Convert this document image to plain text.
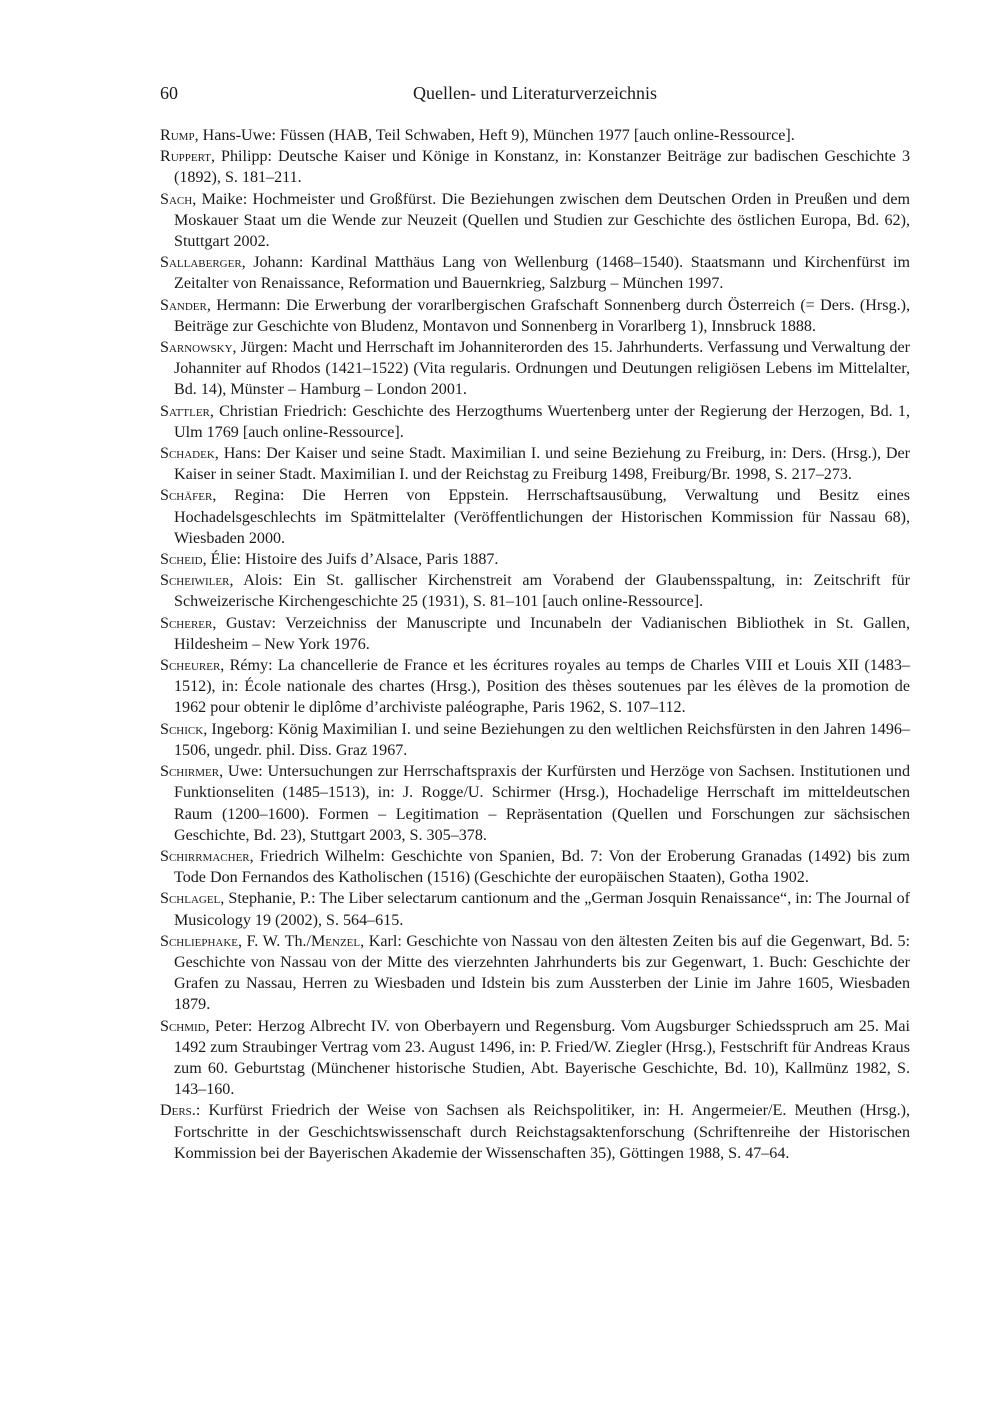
60	Quellen- und Literaturverzeichnis

Rump, Hans-Uwe: Füssen (HAB, Teil Schwaben, Heft 9), München 1977 [auch online-Ressource].

Ruppert, Philipp: Deutsche Kaiser und Könige in Konstanz, in: Konstanzer Beiträge zur badischen Geschichte 3 (1892), S. 181–211.

Sach, Maike: Hochmeister und Großfürst. Die Beziehungen zwischen dem Deutschen Orden in Preußen und dem Moskauer Staat um die Wende zur Neuzeit (Quellen und Studien zur Geschichte des östlichen Europa, Bd. 62), Stuttgart 2002.

Sallaberger, Johann: Kardinal Matthäus Lang von Wellenburg (1468–1540). Staatsmann und Kirchenfürst im Zeitalter von Renaissance, Reformation und Bauernkrieg, Salzburg – München 1997.

Sander, Hermann: Die Erwerbung der vorarlbergischen Grafschaft Sonnenberg durch Österreich (= Ders. (Hrsg.), Beiträge zur Geschichte von Bludenz, Montavon und Sonnenberg in Vorarlberg 1), Innsbruck 1888.

Sarnowsky, Jürgen: Macht und Herrschaft im Johanniterorden des 15. Jahrhunderts. Verfassung und Verwaltung der Johanniter auf Rhodos (1421–1522) (Vita regularis. Ordnungen und Deutungen religiösen Lebens im Mittelalter, Bd. 14), Münster – Hamburg – London 2001.

Sattler, Christian Friedrich: Geschichte des Herzogthums Wuertenberg unter der Regierung der Herzogen, Bd. 1, Ulm 1769 [auch online-Ressource].

Schadek, Hans: Der Kaiser und seine Stadt. Maximilian I. und seine Beziehung zu Freiburg, in: Ders. (Hrsg.), Der Kaiser in seiner Stadt. Maximilian I. und der Reichstag zu Freiburg 1498, Freiburg/Br. 1998, S. 217–273.

Schäfer, Regina: Die Herren von Eppstein. Herrschaftsausübung, Verwaltung und Besitz eines Hochadelsgeschlechts im Spätmittelalter (Veröffentlichungen der Historischen Kommission für Nassau 68), Wiesbaden 2000.

Scheid, Élie: Histoire des Juifs d’Alsace, Paris 1887.

Scheiwiler, Alois: Ein St. gallischer Kirchenstreit am Vorabend der Glaubensspaltung, in: Zeitschrift für Schweizerische Kirchengeschichte 25 (1931), S. 81–101 [auch online-Ressource].

Scherer, Gustav: Verzeichniss der Manuscripte und Incunabeln der Vadianischen Bibliothek in St. Gallen, Hildesheim – New York 1976.

Scheurer, Rémy: La chancellerie de France et les écritures royales au temps de Charles VIII et Louis XII (1483–1512), in: École nationale des chartes (Hrsg.), Position des thèses soutenues par les élèves de la promotion de 1962 pour obtenir le diplôme d’archiviste paléographe, Paris 1962, S. 107–112.

Schick, Ingeborg: König Maximilian I. und seine Beziehungen zu den weltlichen Reichsfürsten in den Jahren 1496–1506, ungedr. phil. Diss. Graz 1967.

Schirmer, Uwe: Untersuchungen zur Herrschaftspraxis der Kurfürsten und Herzöge von Sachsen. Institutionen und Funktionseliten (1485–1513), in: J. Rogge/U. Schirmer (Hrsg.), Hochadelige Herrschaft im mitteldeutschen Raum (1200–1600). Formen – Legitimation – Repräsentation (Quellen und Forschungen zur sächsischen Geschichte, Bd. 23), Stuttgart 2003, S. 305–378.

Schirrmacher, Friedrich Wilhelm: Geschichte von Spanien, Bd. 7: Von der Eroberung Granadas (1492) bis zum Tode Don Fernandos des Katholischen (1516) (Geschichte der europäischen Staaten), Gotha 1902.

Schlagel, Stephanie, P.: The Liber selectarum cantionum and the „German Josquin Renaissance“, in: The Journal of Musicology 19 (2002), S. 564–615.

Schliephake, F. W. Th./Menzel, Karl: Geschichte von Nassau von den ältesten Zeiten bis auf die Gegenwart, Bd. 5: Geschichte von Nassau von der Mitte des vierzehnten Jahrhunderts bis zur Gegenwart, 1. Buch: Geschichte der Grafen zu Nassau, Herren zu Wiesbaden und Idstein bis zum Aussterben der Linie im Jahre 1605, Wiesbaden 1879.

Schmid, Peter: Herzog Albrecht IV. von Oberbayern und Regensburg. Vom Augsburger Schiedsspruch am 25. Mai 1492 zum Straubinger Vertrag vom 23. August 1496, in: P. Fried/W. Ziegler (Hrsg.), Festschrift für Andreas Kraus zum 60. Geburtstag (Münchener historische Studien, Abt. Bayerische Geschichte, Bd. 10), Kallmünz 1982, S. 143–160.

Ders.: Kurfürst Friedrich der Weise von Sachsen als Reichspolitiker, in: H. Angermeier/E. Meuthen (Hrsg.), Fortschritte in der Geschichtswissenschaft durch Reichstagsaktenforschung (Schriftenreihe der Historischen Kommission bei der Bayerischen Akademie der Wissenschaften 35), Göttingen 1988, S. 47–64.
